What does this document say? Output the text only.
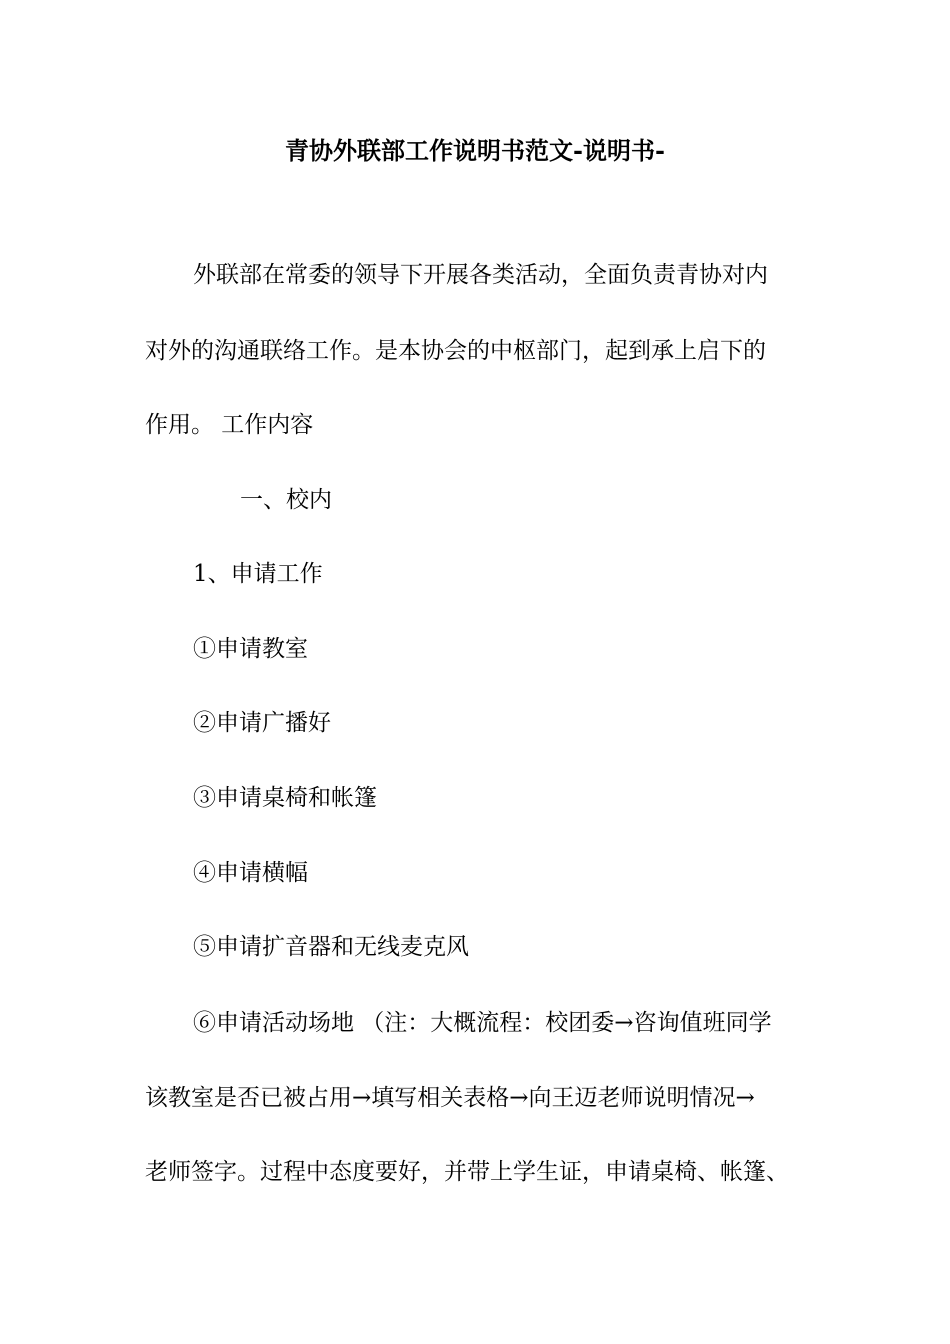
青协外联部工作说明书范文-说明书-

外联部在常委的领导下开展各类活动，全面负责青协对内

对外的沟通联络工作。是本协会的中枢部门，起到承上启下的

作用。 工作内容

一、校内

1、申请工作

①申请教室

②申请广播好

③申请桌椅和帐篷

④申请横幅

⑤申请扩音器和无线麦克风

⑥申请活动场地 （注：大概流程：校团委→咨询值班同学

该教室是否已被占用→填写相关表格→向王迈老师说明情况→

老师签字。过程中态度要好，并带上学生证，申请桌椅、帐篷、
